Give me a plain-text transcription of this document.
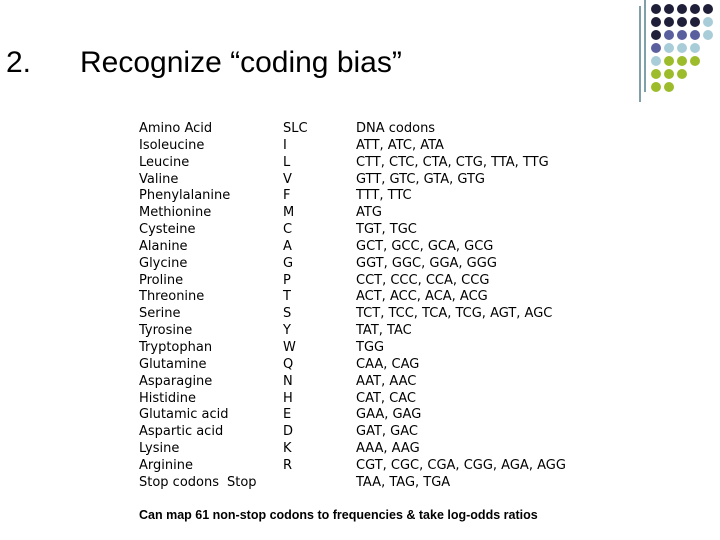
2. Recognize “coding bias”
Amino Acid
Isoleucine
Leucine
Valine
Phenylalanine
Methionine
Cysteine
Alanine
Glycine
Proline
Threonine
Serine
Tyrosine
Tryptophan
Glutamine
Asparagine
Histidine
Glutamic acid
Aspartic acid
Lysine
Arginine
Stop codons Stop
SLC
I
L
V
F
M
C
A
G
P
T
S
Y
W
Q
N
H
E
D
K
R
DNA codons
ATT, ATC, ATA
CTT, CTC, CTA, CTG, TTA, TTG
GTT, GTC, GTA, GTG
TTT, TTC
ATG
TGT, TGC
GCT, GCC, GCA, GCG
GGT, GGC, GGA, GGG
CCT, CCC, CCA, CCG
ACT, ACC, ACA, ACG
TCT, TCC, TCA, TCG, AGT, AGC
TAT, TAC
TGG
CAA, CAG
AAT, AAC
CAT, CAC
GAA, GAG
GAT, GAC
AAA, AAG
CGT, CGC, CGA, CGG, AGA, AGG
TAA, TAG, TGA
Can map 61 non-stop codons to frequencies & take log-odds ratios
